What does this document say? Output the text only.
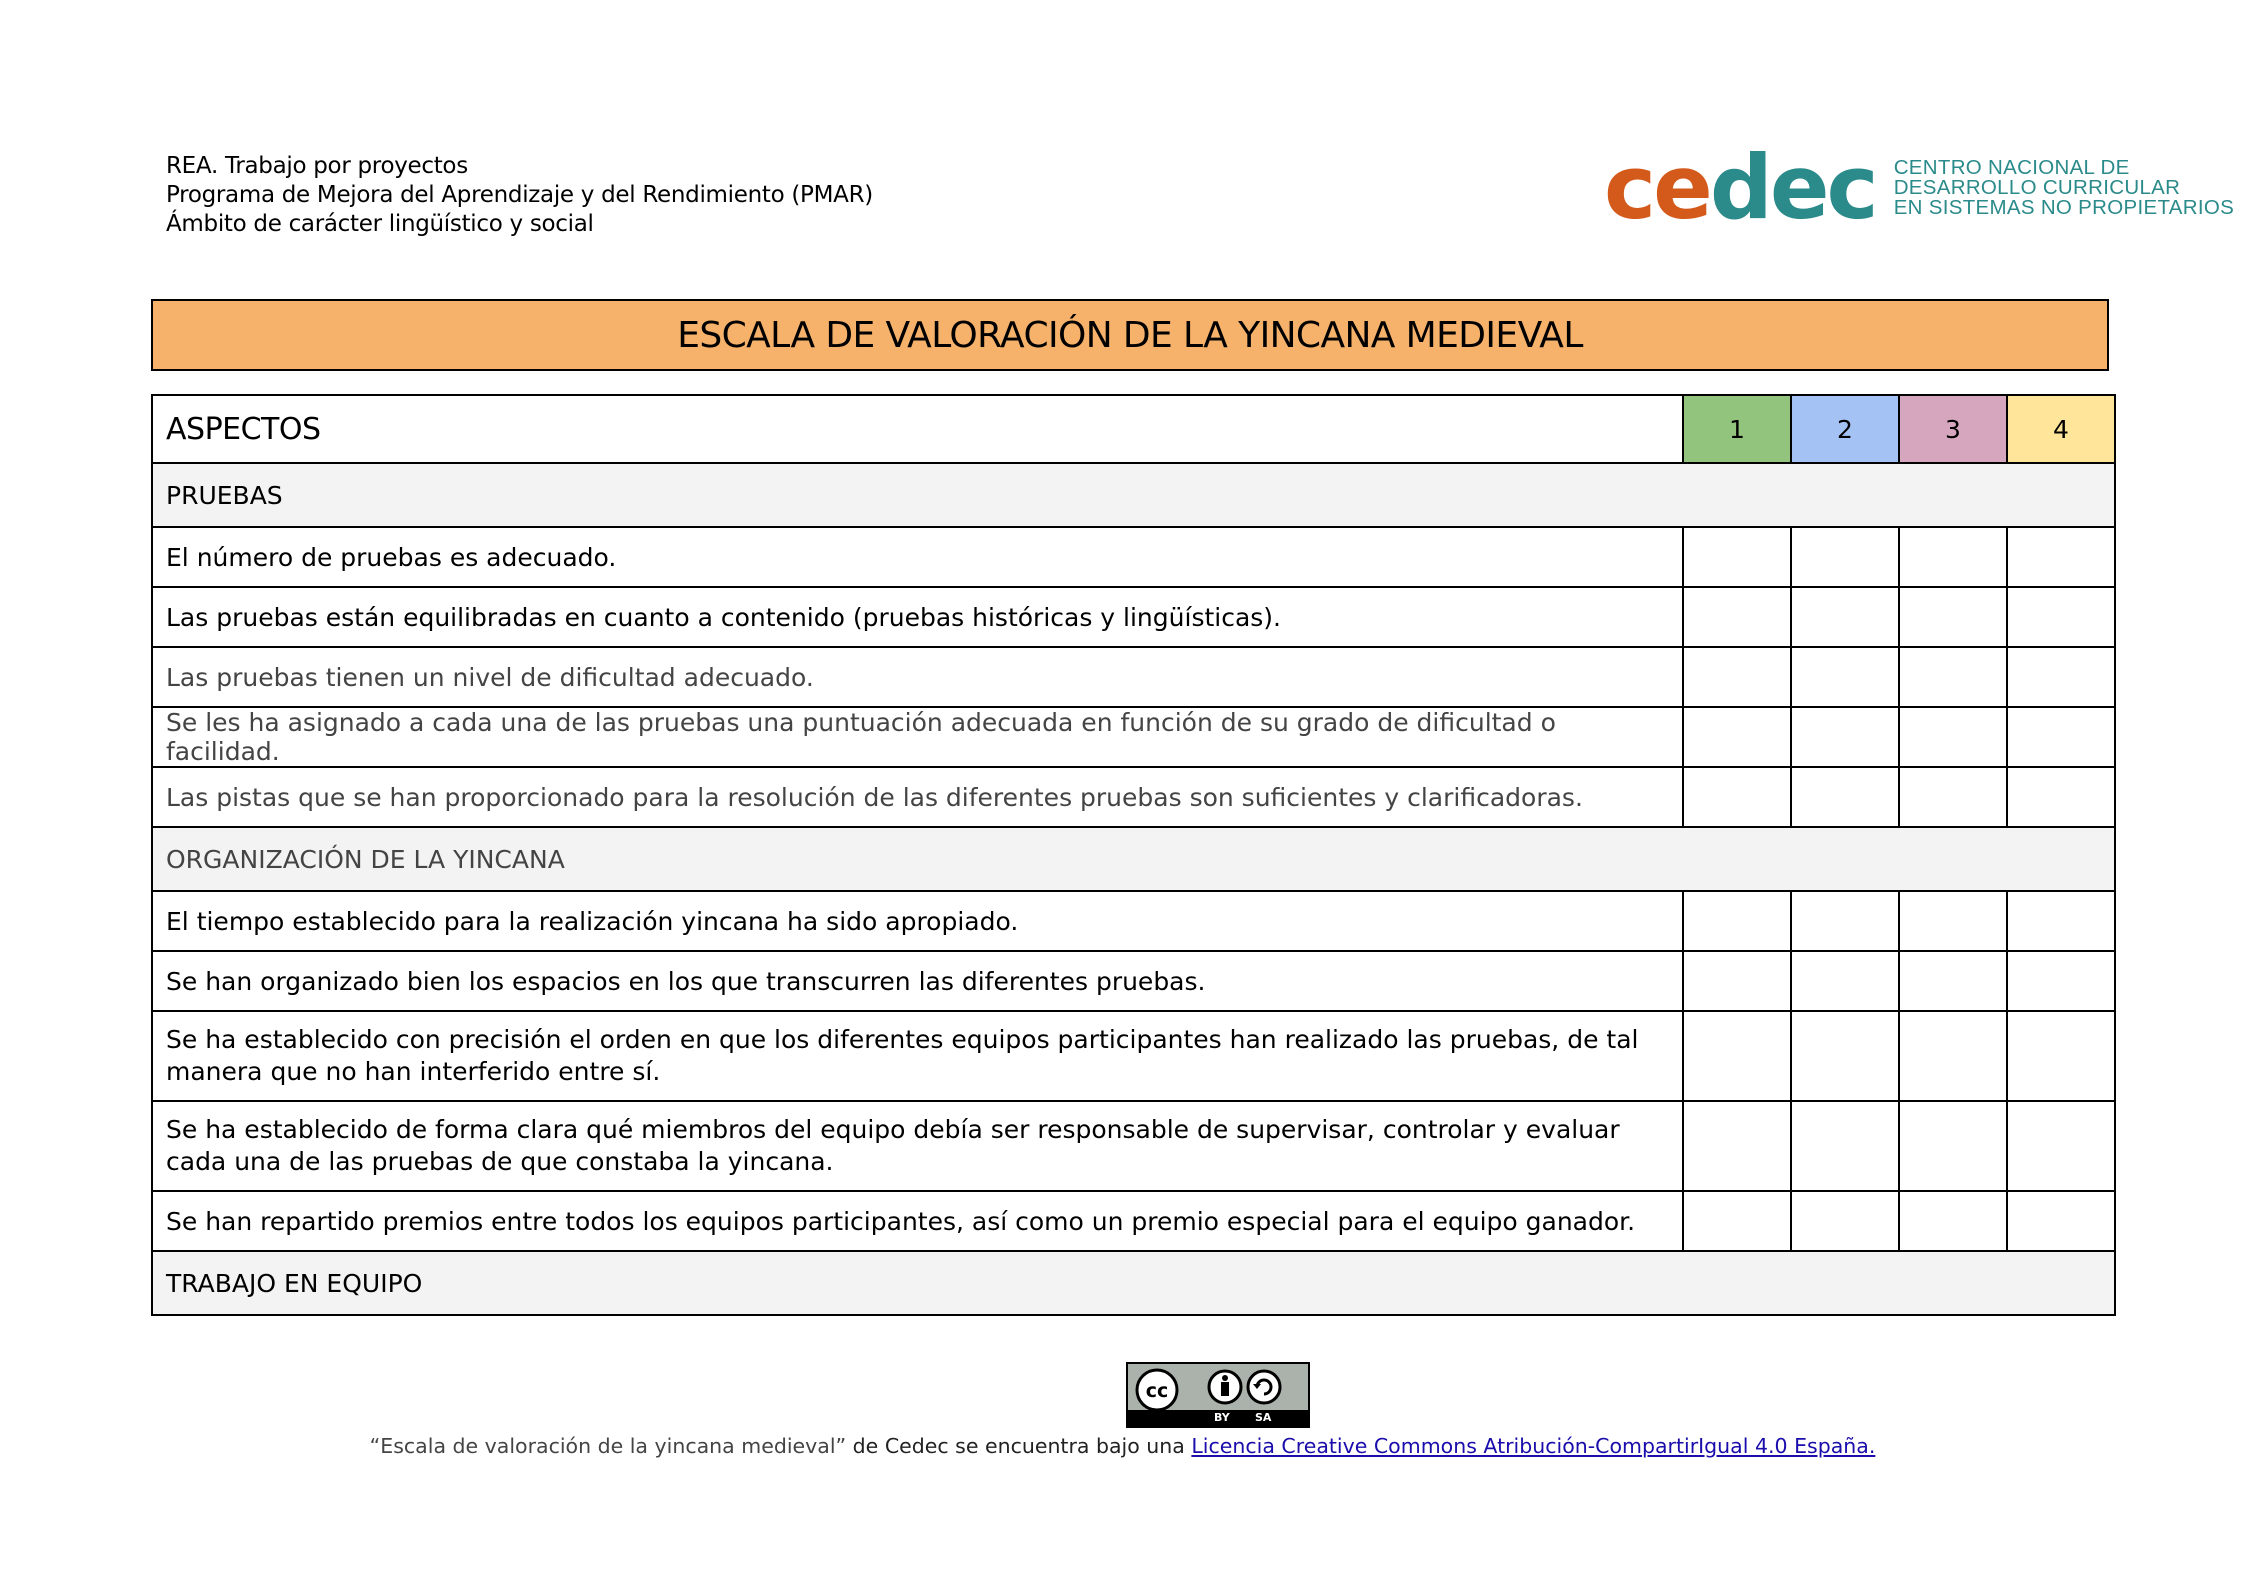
REA. Trabajo por proyectos
Programa de Mejora del Aprendizaje y del Rendimiento (PMAR)
Ámbito de carácter lingüístico y social	cedec CENTRO NACIONAL DE
DESARROLLO CURRICULAR
EN SISTEMAS NO PROPIETARIOS
ESCALA DE VALORACIÓN DE LA YINCANA MEDIEVAL
ASPECTOS	1	2	3	4
PRUEBAS				
El número de pruebas es adecuado.				
Las pruebas están equilibradas en cuanto a contenido (pruebas históricas y lingüísticas).				
Las pruebas tienen un nivel de dificultad adecuado.				
Se les ha asignado a cada una de las pruebas una puntuación adecuada en función de su grado de dificultad o facilidad.				
Las pistas que se han proporcionado para la resolución de las diferentes pruebas son suficientes y clarificadoras.				
ORGANIZACIÓN DE LA YINCANA				
El tiempo establecido para la realización yincana ha sido apropiado.				
Se han organizado bien los espacios en los que transcurren las diferentes pruebas.				
Se ha establecido con precisión el orden en que los diferentes equipos participantes han realizado las pruebas, de tal manera que no han interferido entre sí.				
Se ha establecido de forma clara qué miembros del equipo debía ser responsable de supervisar, controlar y evaluar cada una de las pruebas de que constaba la yincana.				
Se han repartido premios entre todos los equipos participantes, así como un premio especial para el equipo ganador.				
TRABAJO EN EQUIPO				
cc
BY SA
“Escala de valoración de la yincana medieval” de Cedec se encuentra bajo una Licencia Creative Commons Atribución-CompartirIgual 4.0 España.
